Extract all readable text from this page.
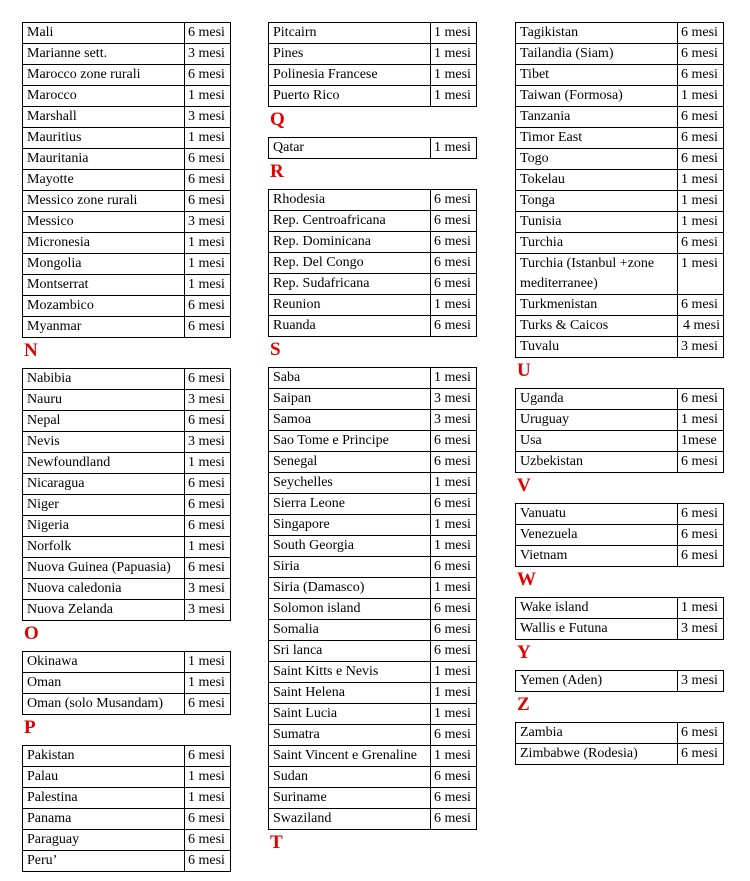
Mali	6 mesi
Marianne sett.	3 mesi
Marocco zone rurali	6 mesi
Marocco	1 mesi
Marshall	3 mesi
Mauritius	1 mesi
Mauritania	6 mesi
Mayotte	6 mesi
Messico zone rurali	6 mesi
Messico	3 mesi
Micronesia	1 mesi
Mongolia	1 mesi
Montserrat	1 mesi
Mozambico	6 mesi
Myanmar	6 mesi
N
Nabibia	6 mesi
Nauru	3 mesi
Nepal	6 mesi
Nevis	3 mesi
Newfoundland	1 mesi
Nicaragua	6 mesi
Niger	6 mesi
Nigeria	6 mesi
Norfolk	1 mesi
Nuova Guinea (Papuasia)	6 mesi
Nuova caledonia	3 mesi
Nuova Zelanda	3 mesi
O
Okinawa	1 mesi
Oman	1 mesi
Oman (solo Musandam)	6 mesi
P
Pakistan	6 mesi
Palau	1 mesi
Palestina	1 mesi
Panama	6 mesi
Paraguay	6 mesi
Peru’	6 mesi
Pitcairn	1 mesi
Pines	1 mesi
Polinesia Francese	1 mesi
Puerto Rico	1 mesi
Q
Qatar	1 mesi
R
Rhodesia	6 mesi
Rep. Centroafricana	6 mesi
Rep. Dominicana	6 mesi
Rep. Del Congo	6 mesi
Rep. Sudafricana	6 mesi
Reunion	1 mesi
Ruanda	6 mesi
S
Saba	1 mesi
Saipan	3 mesi
Samoa	3 mesi
Sao Tome e Principe	6 mesi
Senegal	6 mesi
Seychelles	1 mesi
Sierra Leone	6 mesi
Singapore	1 mesi
South Georgia	1 mesi
Siria	6 mesi
Siria (Damasco)	1 mesi
Solomon island	6 mesi
Somalia	6 mesi
Sri lanca	6 mesi
Saint Kitts e Nevis	1 mesi
Saint Helena	1 mesi
Saint Lucia	1 mesi
Sumatra	6 mesi
Saint Vincent e Grenaline	1 mesi
Sudan	6 mesi
Suriname	6 mesi
Swaziland	6 mesi
T
Tagikistan	6 mesi
Tailandia (Siam)	6 mesi
Tibet	6 mesi
Taiwan (Formosa)	1 mesi
Tanzania	6 mesi
Timor East	6 mesi
Togo	6 mesi
Tokelau	1 mesi
Tonga	1 mesi
Tunisia	1 mesi
Turchia	6 mesi
Turchia (Istanbul +zone mediterranee)	1 mesi
Turkmenistan	6 mesi
Turks & Caicos	4 mesi
Tuvalu	3 mesi
U
Uganda	6 mesi
Uruguay	1 mesi
Usa	1mese
Uzbekistan	6 mesi
V
Vanuatu	6 mesi
Venezuela	6 mesi
Vietnam	6 mesi
W
Wake island	1 mesi
Wallis e Futuna	3 mesi
Y
Yemen (Aden)	3 mesi
Z
Zambia	6 mesi
Zimbabwe (Rodesia)	6 mesi
